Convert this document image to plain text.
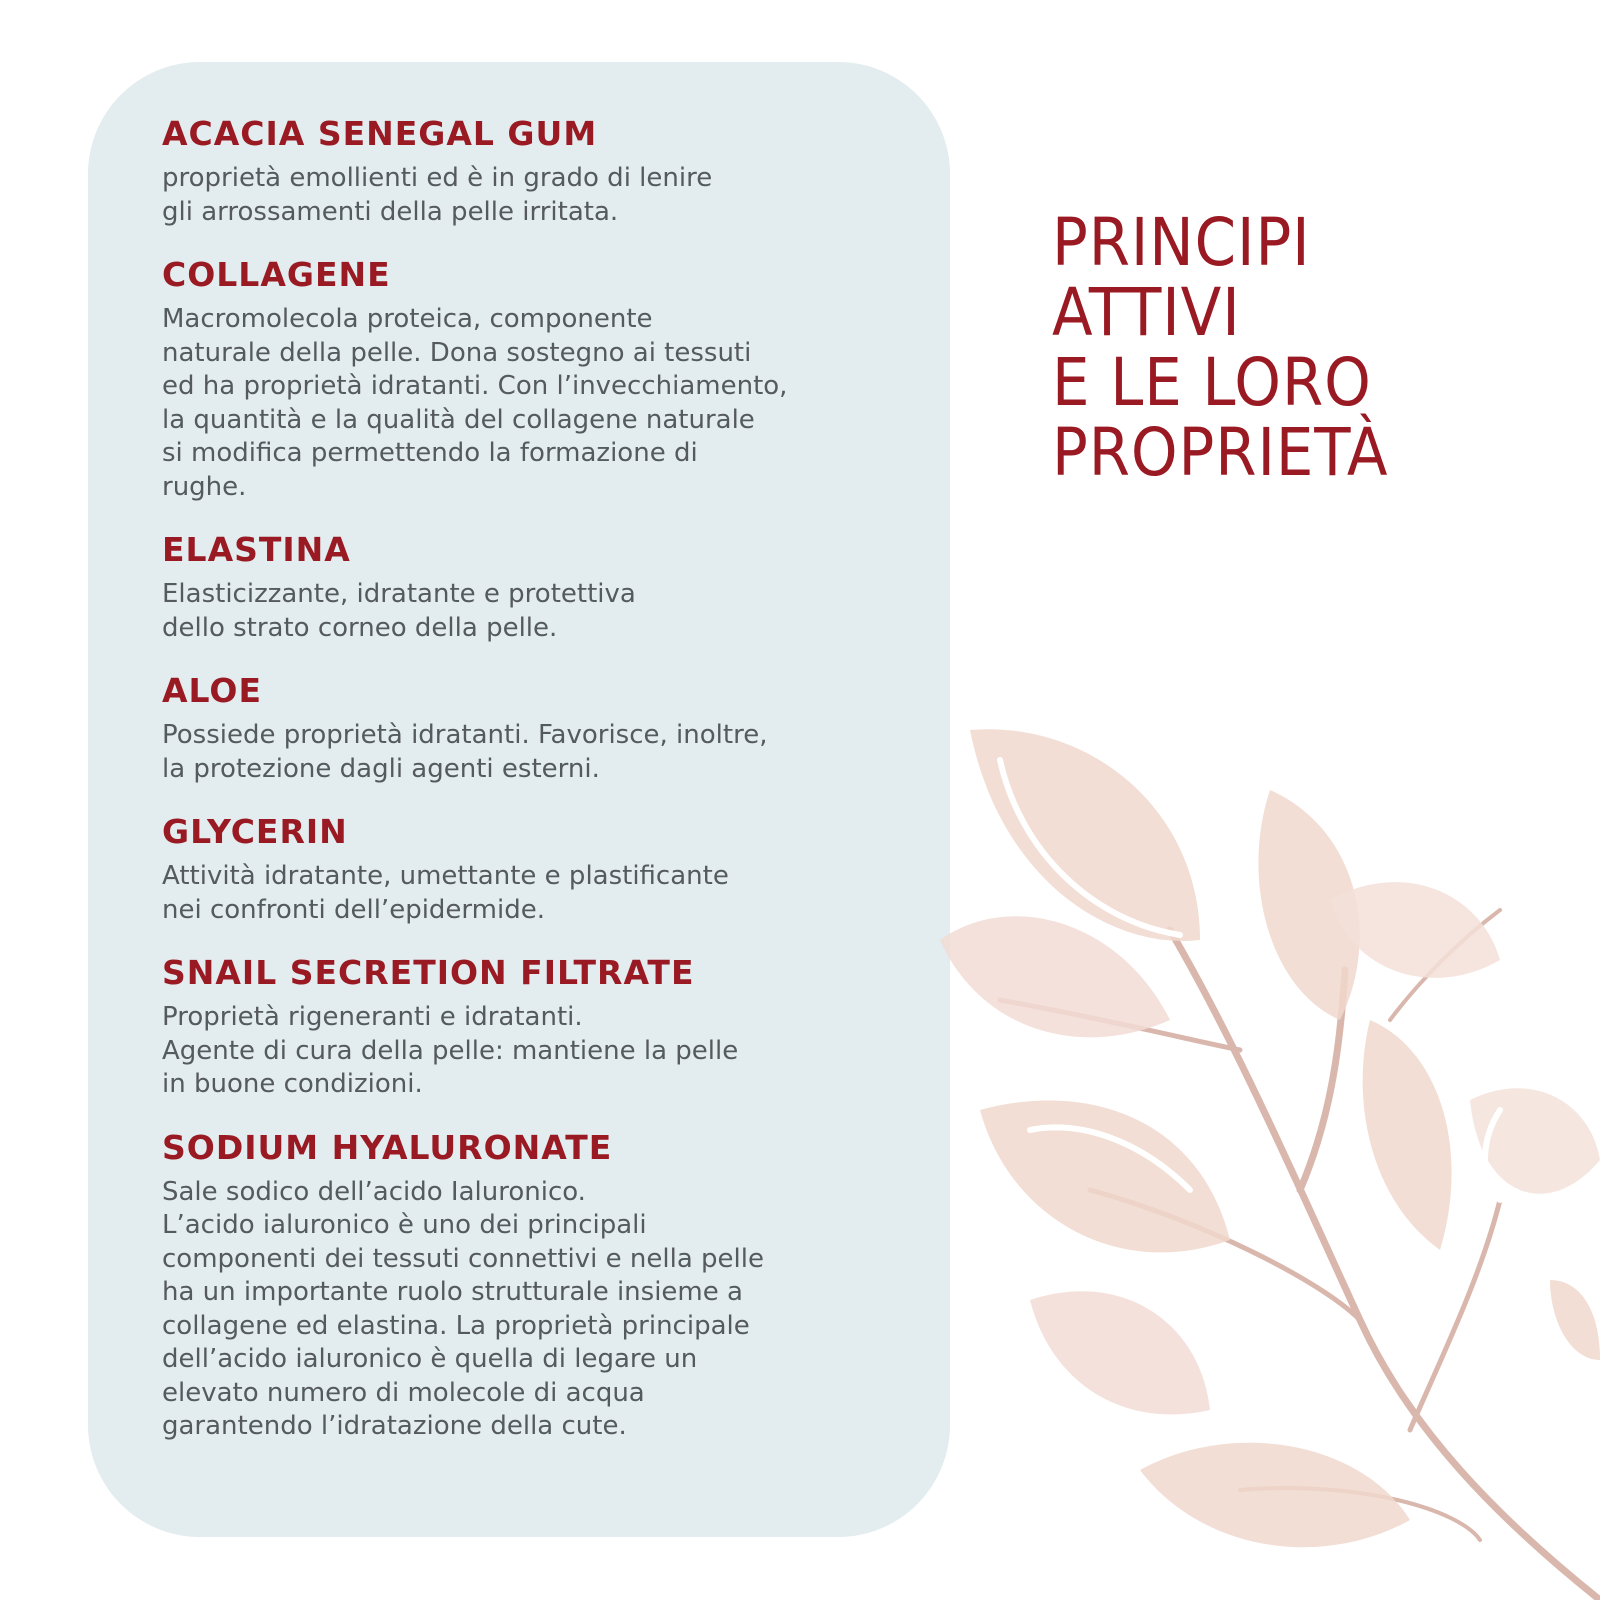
ACACIA SENEGAL GUM

proprietà emollienti ed è in grado di lenire
gli arrossamenti della pelle irritata.

COLLAGENE

Macromolecola proteica, componente
naturale della pelle. Dona sostegno ai tessuti
ed ha proprietà idratanti. Con l’invecchiamento,
la quantità e la qualità del collagene naturale
si modifica permettendo la formazione di
rughe.

ELASTINA

Elasticizzante, idratante e protettiva
dello strato corneo della pelle.

ALOE

Possiede proprietà idratanti. Favorisce, inoltre,
la protezione dagli agenti esterni.

GLYCERIN

Attività idratante, umettante e plastificante
nei confronti dell’epidermide.

SNAIL SECRETION FILTRATE

Proprietà rigeneranti e idratanti.
Agente di cura della pelle: mantiene la pelle
in buone condizioni.

SODIUM HYALURONATE

Sale sodico dell’acido Ialuronico.
L’acido ialuronico è uno dei principali
componenti dei tessuti connettivi e nella pelle
ha un importante ruolo strutturale insieme a
collagene ed elastina. La proprietà principale
dell’acido ialuronico è quella di legare un
elevato numero di molecole di acqua
garantendo l’idratazione della cute.

PRINCIPI
ATTIVI
E LE LORO
PROPRIETÀ
